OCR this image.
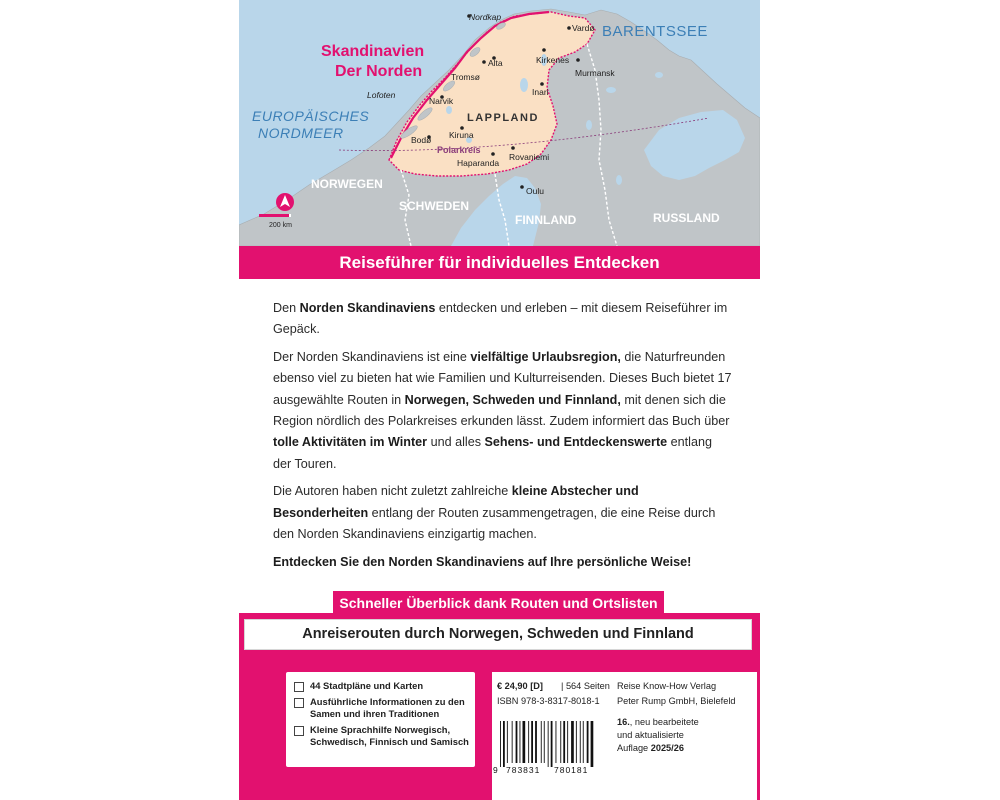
BARENTSSEE
EUROPÄISCHES
NORDMEER
Skandinavien
Der Norden
LAPPLAND
Polarkreis
NORWEGEN
SCHWEDEN
FINNLAND	RUSSLAND
Nordkap
Vardø
Kirkenes
Murmansk
Alta
Tromsø
Inari
Narvik
Lofoten
Kiruna
Bodø
Rovaniemi
Haparanda
Oulu
200 km
Reiseführer für individuelles Entdecken

Den Norden Skandinaviens entdecken und erleben – mit diesem Reiseführer im Gepäck.

Der Norden Skandinaviens ist eine vielfältige Urlaubsregion, die Naturfreunden ebenso viel zu bieten hat wie Familien und Kulturreisenden. Dieses Buch bietet 17 ausgewählte Routen in Norwegen, Schweden und Finnland, mit denen sich die Region nördlich des Polarkreises erkunden lässt. Zudem informiert das Buch über tolle Aktivitäten im Winter und alles Sehens- und Entdeckenswerte entlang der Touren.

Die Autoren haben nicht zuletzt zahlreiche kleine Abstecher und Besonderheiten entlang der Routen zusammengetragen, die eine Reise durch den Norden Skandinaviens einzigartig machen.

Entdecken Sie den Norden Skandinaviens auf Ihre persönliche Weise!

Schneller Überblick dank Routen und Ortslisten
Anreiserouten durch Norwegen, Schweden und Finnland
44 Stadtpläne und Karten
Ausführliche Informationen zu den Samen und ihren Traditionen
Kleine Sprachhilfe Norwegisch, Schwedisch, Finnisch und Samisch
€ 24,90 [D] | 564 Seiten
ISBN 978-3-8317-8018-1
Reise Know-How Verlag
Peter Rump GmbH, Bielefeld
16., neu bearbeitete
und aktualisierte
Auflage 2025/26
9 783831 780181
